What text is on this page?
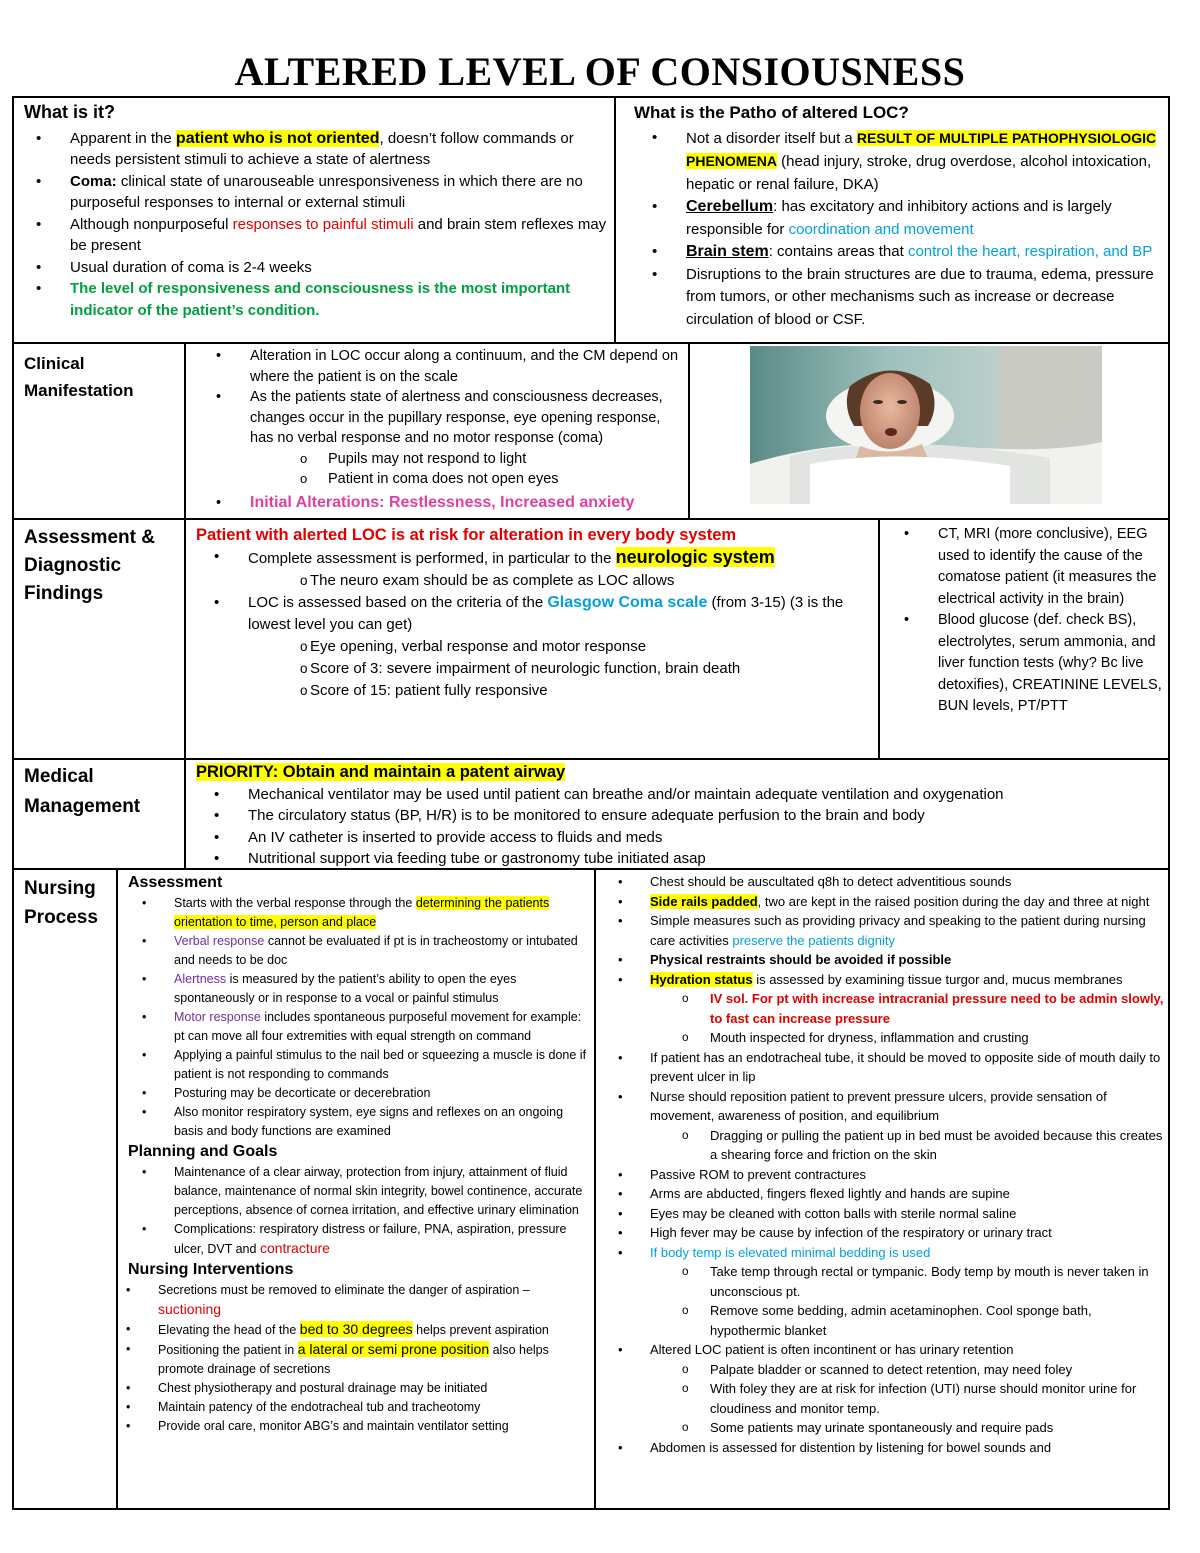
ALTERED LEVEL OF CONSIOUSNESS
What is it?
• Apparent in the patient who is not oriented, doesn’t follow commands or needs persistent stimuli to achieve a state of alertness
• Coma: clinical state of unarouseable unresponsiveness in which there are no purposeful responses to internal or external stimuli
• Although nonpurposeful responses to painful stimuli and brain stem reflexes may be present
• Usual duration of coma is 2-4 weeks
• The level of responsiveness and consciousness is the most important indicator of the patient’s condition.
What is the Patho of altered LOC?
• Not a disorder itself but a RESULT OF MULTIPLE PATHOPHYSIOLOGIC PHENOMENA (head injury, stroke, drug overdose, alcohol intoxication, hepatic or renal failure, DKA)
• Cerebellum: has excitatory and inhibitory actions and is largely responsible for coordination and movement
• Brain stem: contains areas that control the heart, respiration, and BP
• Disruptions to the brain structures are due to trauma, edema, pressure from tumors, or other mechanisms such as increase or decrease circulation of blood or CSF.
Clinical Manifestation
• Alteration in LOC occur along a continuum, and the CM depend on where the patient is on the scale
• As the patients state of alertness and consciousness decreases, changes occur in the pupillary response, eye opening response, has no verbal response and no motor response (coma)
o Pupils may not respond to light
o Patient in coma does not open eyes
• Initial Alterations: Restlessness, Increased anxiety
Assessment & Diagnostic Findings
Patient with alerted LOC is at risk for alteration in every body system
• Complete assessment is performed, in particular to the neurologic system
o The neuro exam should be as complete as LOC allows
• LOC is assessed based on the criteria of the Glasgow Coma scale (from 3-15) (3 is the lowest level you can get)
o Eye opening, verbal response and motor response
o Score of 3: severe impairment of neurologic function, brain death
o Score of 15: patient fully responsive
• CT, MRI (more conclusive), EEG used to identify the cause of the comatose patient (it measures the electrical activity in the brain)
• Blood glucose (def. check BS), electrolytes, serum ammonia, and liver function tests (why? Bc live detoxifies), CREATININE LEVELS, BUN levels, PT/PTT
Medical Management
PRIORITY: Obtain and maintain a patent airway
• Mechanical ventilator may be used until patient can breathe and/or maintain adequate ventilation and oxygenation
• The circulatory status (BP, H/R) is to be monitored to ensure adequate perfusion to the brain and body
• An IV catheter is inserted to provide access to fluids and meds
• Nutritional support via feeding tube or gastronomy tube initiated asap
Nursing Process
Assessment
• Starts with the verbal response through the determining the patients orientation to time, person and place
• Verbal response cannot be evaluated if pt is in tracheostomy or intubated and needs to be doc
• Alertness is measured by the patient’s ability to open the eyes spontaneously or in response to a vocal or painful stimulus
• Motor response includes spontaneous purposeful movement for example: pt can move all four extremities with equal strength on command
• Applying a painful stimulus to the nail bed or squeezing a muscle is done if patient is not responding to commands
• Posturing may be decorticate or decerebration
• Also monitor respiratory system, eye signs and reflexes on an ongoing basis and body functions are examined
Planning and Goals
• Maintenance of a clear airway, protection from injury, attainment of fluid balance, maintenance of normal skin integrity, bowel continence, accurate perceptions, absence of cornea irritation, and effective urinary elimination
• Complications: respiratory distress or failure, PNA, aspiration, pressure ulcer, DVT and contracture
Nursing Interventions
• Secretions must be removed to eliminate the danger of aspiration – suctioning
• Elevating the head of the bed to 30 degrees helps prevent aspiration
• Positioning the patient in a lateral or semi prone position also helps promote drainage of secretions
• Chest physiotherapy and postural drainage may be initiated
• Maintain patency of the endotracheal tub and tracheotomy
• Provide oral care, monitor ABG’s and maintain ventilator setting
• Chest should be auscultated q8h to detect adventitious sounds
• Side rails padded, two are kept in the raised position during the day and three at night
• Simple measures such as providing privacy and speaking to the patient during nursing care activities preserve the patients dignity
• Physical restraints should be avoided if possible
• Hydration status is assessed by examining tissue turgor and, mucus membranes
o IV sol. For pt with increase intracranial pressure need to be admin slowly, to fast can increase pressure
o Mouth inspected for dryness, inflammation and crusting
• If patient has an endotracheal tube, it should be moved to opposite side of mouth daily to prevent ulcer in lip
• Nurse should reposition patient to prevent pressure ulcers, provide sensation of movement, awareness of position, and equilibrium
o Dragging or pulling the patient up in bed must be avoided because this creates a shearing force and friction on the skin
• Passive ROM to prevent contractures
• Arms are abducted, fingers flexed lightly and hands are supine
• Eyes may be cleaned with cotton balls with sterile normal saline
• High fever may be cause by infection of the respiratory or urinary tract
• If body temp is elevated minimal bedding is used
o Take temp through rectal or tympanic. Body temp by mouth is never taken in unconscious pt.
o Remove some bedding, admin acetaminophen. Cool sponge bath, hypothermic blanket
• Altered LOC patient is often incontinent or has urinary retention
o Palpate bladder or scanned to detect retention, may need foley
o With foley they are at risk for infection (UTI) nurse should monitor urine for cloudiness and monitor temp.
o Some patients may urinate spontaneously and require pads
• Abdomen is assessed for distention by listening for bowel sounds and
